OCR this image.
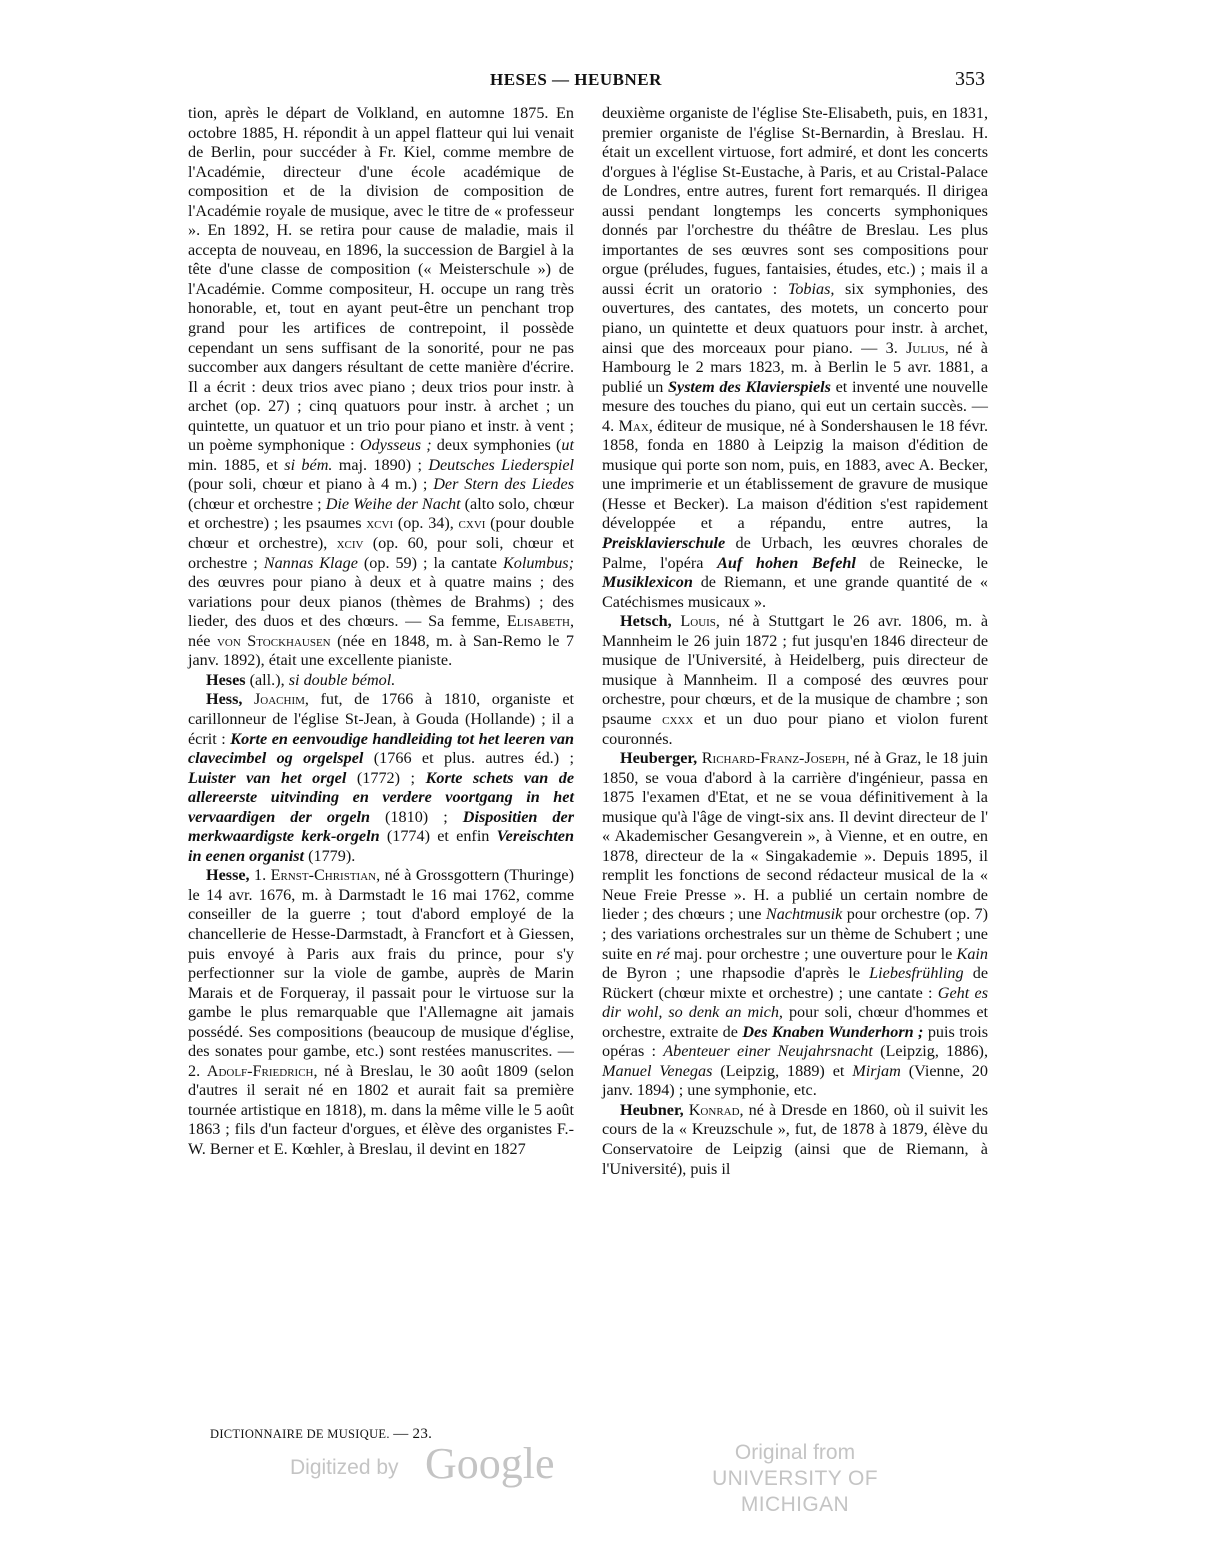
HESES — HEUBNER	353

tion, après le départ de Volkland, en automne 1875. En octobre 1885, H. répondit à un appel flatteur qui lui venait de Berlin, pour succéder à Fr. Kiel, comme membre de l'Académie, directeur d'une école académique de composition et de la division de composition de l'Académie royale de musique, avec le titre de « professeur ». En 1892, H. se retira pour cause de maladie, mais il accepta de nouveau, en 1896, la succession de Bargiel à la tête d'une classe de composition (« Meisterschule ») de l'Académie. Comme compositeur, H. occupe un rang très honorable, et, tout en ayant peut-être un penchant trop grand pour les artifices de contrepoint, il possède cependant un sens suffisant de la sonorité, pour ne pas succomber aux dangers résultant de cette manière d'écrire. Il a écrit : deux trios avec piano ; deux trios pour instr. à archet (op. 27) ; cinq quatuors pour instr. à archet ; un quintette, un quatuor et un trio pour piano et instr. à vent ; un poème symphonique : Odysseus ; deux symphonies (ut min. 1885, et si bém. maj. 1890) ; Deutsches Liederspiel (pour soli, chœur et piano à 4 m.) ; Der Stern des Liedes (chœur et orchestre ; Die Weihe der Nacht (alto solo, chœur et orchestre) ; les psaumes xcvi (op. 34), cxvi (pour double chœur et orchestre), xciv (op. 60, pour soli, chœur et orchestre ; Nannas Klage (op. 59) ; la cantate Kolumbus; des œuvres pour piano à deux et à quatre mains ; des variations pour deux pianos (thèmes de Brahms) ; des lieder, des duos et des chœurs. — Sa femme, Elisabeth, née von Stockhausen (née en 1848, m. à San-Remo le 7 janv. 1892), était une excellente pianiste.

Heses (all.), si double bémol.

Hess, Joachim, fut, de 1766 à 1810, organiste et carillonneur de l'église St-Jean, à Gouda (Hollande) ; il a écrit : Korte en eenvoudige handleiding tot het leeren van clavecimbel og orgelspel (1766 et plus. autres éd.) ; Luister van het orgel (1772) ; Korte schets van de allereerste uitvinding en verdere voortgang in het vervaardigen der orgeln (1810) ; Dispositien der merkwaardigste kerk-orgeln (1774) et enfin Vereischten in eenen organist (1779).

Hesse, 1. Ernst-Christian, né à Grossgottern (Thuringe) le 14 avr. 1676, m. à Darmstadt le 16 mai 1762, comme conseiller de la guerre ; tout d'abord employé de la chancellerie de Hesse-Darmstadt, à Francfort et à Giessen, puis envoyé à Paris aux frais du prince, pour s'y perfectionner sur la viole de gambe, auprès de Marin Marais et de Forqueray, il passait pour le virtuose sur la gambe le plus remarquable que l'Allemagne ait jamais possédé. Ses compositions (beaucoup de musique d'église, des sonates pour gambe, etc.) sont restées manuscrites. — 2. Adolf-Friedrich, né à Breslau, le 30 août 1809 (selon d'autres il serait né en 1802 et aurait fait sa première tournée artistique en 1818), m. dans la même ville le 5 août 1863 ; fils d'un facteur d'orgues, et élève des organistes F.-W. Berner et E. Kœhler, à Breslau, il devint en 1827

deuxième organiste de l'église Ste-Elisabeth, puis, en 1831, premier organiste de l'église St-Bernardin, à Breslau. H. était un excellent virtuose, fort admiré, et dont les concerts d'orgues à l'église St-Eustache, à Paris, et au Cristal-Palace de Londres, entre autres, furent fort remarqués. Il dirigea aussi pendant longtemps les concerts symphoniques donnés par l'orchestre du théâtre de Breslau. Les plus importantes de ses œuvres sont ses compositions pour orgue (préludes, fugues, fantaisies, études, etc.) ; mais il a aussi écrit un oratorio : Tobias, six symphonies, des ouvertures, des cantates, des motets, un concerto pour piano, un quintette et deux quatuors pour instr. à archet, ainsi que des morceaux pour piano. — 3. Julius, né à Hambourg le 2 mars 1823, m. à Berlin le 5 avr. 1881, a publié un System des Klavierspiels et inventé une nouvelle mesure des touches du piano, qui eut un certain succès. — 4. Max, éditeur de musique, né à Sondershausen le 18 févr. 1858, fonda en 1880 à Leipzig la maison d'édition de musique qui porte son nom, puis, en 1883, avec A. Becker, une imprimerie et un établissement de gravure de musique (Hesse et Becker). La maison d'édition s'est rapidement développée et a répandu, entre autres, la Preisklavierschule de Urbach, les œuvres chorales de Palme, l'opéra Auf hohen Befehl de Reinecke, le Musiklexicon de Riemann, et une grande quantité de « Catéchismes musicaux ».

Hetsch, Louis, né à Stuttgart le 26 avr. 1806, m. à Mannheim le 26 juin 1872 ; fut jusqu'en 1846 directeur de musique de l'Université, à Heidelberg, puis directeur de musique à Mannheim. Il a composé des œuvres pour orchestre, pour chœurs, et de la musique de chambre ; son psaume cxxx et un duo pour piano et violon furent couronnés.

Heuberger, Richard-Franz-Joseph, né à Graz, le 18 juin 1850, se voua d'abord à la carrière d'ingénieur, passa en 1875 l'examen d'Etat, et ne se voua définitivement à la musique qu'à l'âge de vingt-six ans. Il devint directeur de l' « Akademischer Gesangverein », à Vienne, et en outre, en 1878, directeur de la « Singakademie ». Depuis 1895, il remplit les fonctions de second rédacteur musical de la « Neue Freie Presse ». H. a publié un certain nombre de lieder ; des chœurs ; une Nachtmusik pour orchestre (op. 7) ; des variations orchestrales sur un thème de Schubert ; une suite en ré maj. pour orchestre ; une ouverture pour le Kain de Byron ; une rhapsodie d'après le Liebesfrühling de Rückert (chœur mixte et orchestre) ; une cantate : Geht es dir wohl, so denk an mich, pour soli, chœur d'hommes et orchestre, extraite de Des Knaben Wunderhorn ; puis trois opéras : Abenteuer einer Neujahrsnacht (Leipzig, 1886), Manuel Venegas (Leipzig, 1889) et Mirjam (Vienne, 20 janv. 1894) ; une symphonie, etc.

Heubner, Konrad, né à Dresde en 1860, où il suivit les cours de la « Kreuzschule », fut, de 1878 à 1879, élève du Conservatoire de Leipzig (ainsi que de Riemann, à l'Université), puis il

DICTIONNAIRE DE MUSIQUE. — 23.
Digitized by Google	Original from
UNIVERSITY OF MICHIGAN
